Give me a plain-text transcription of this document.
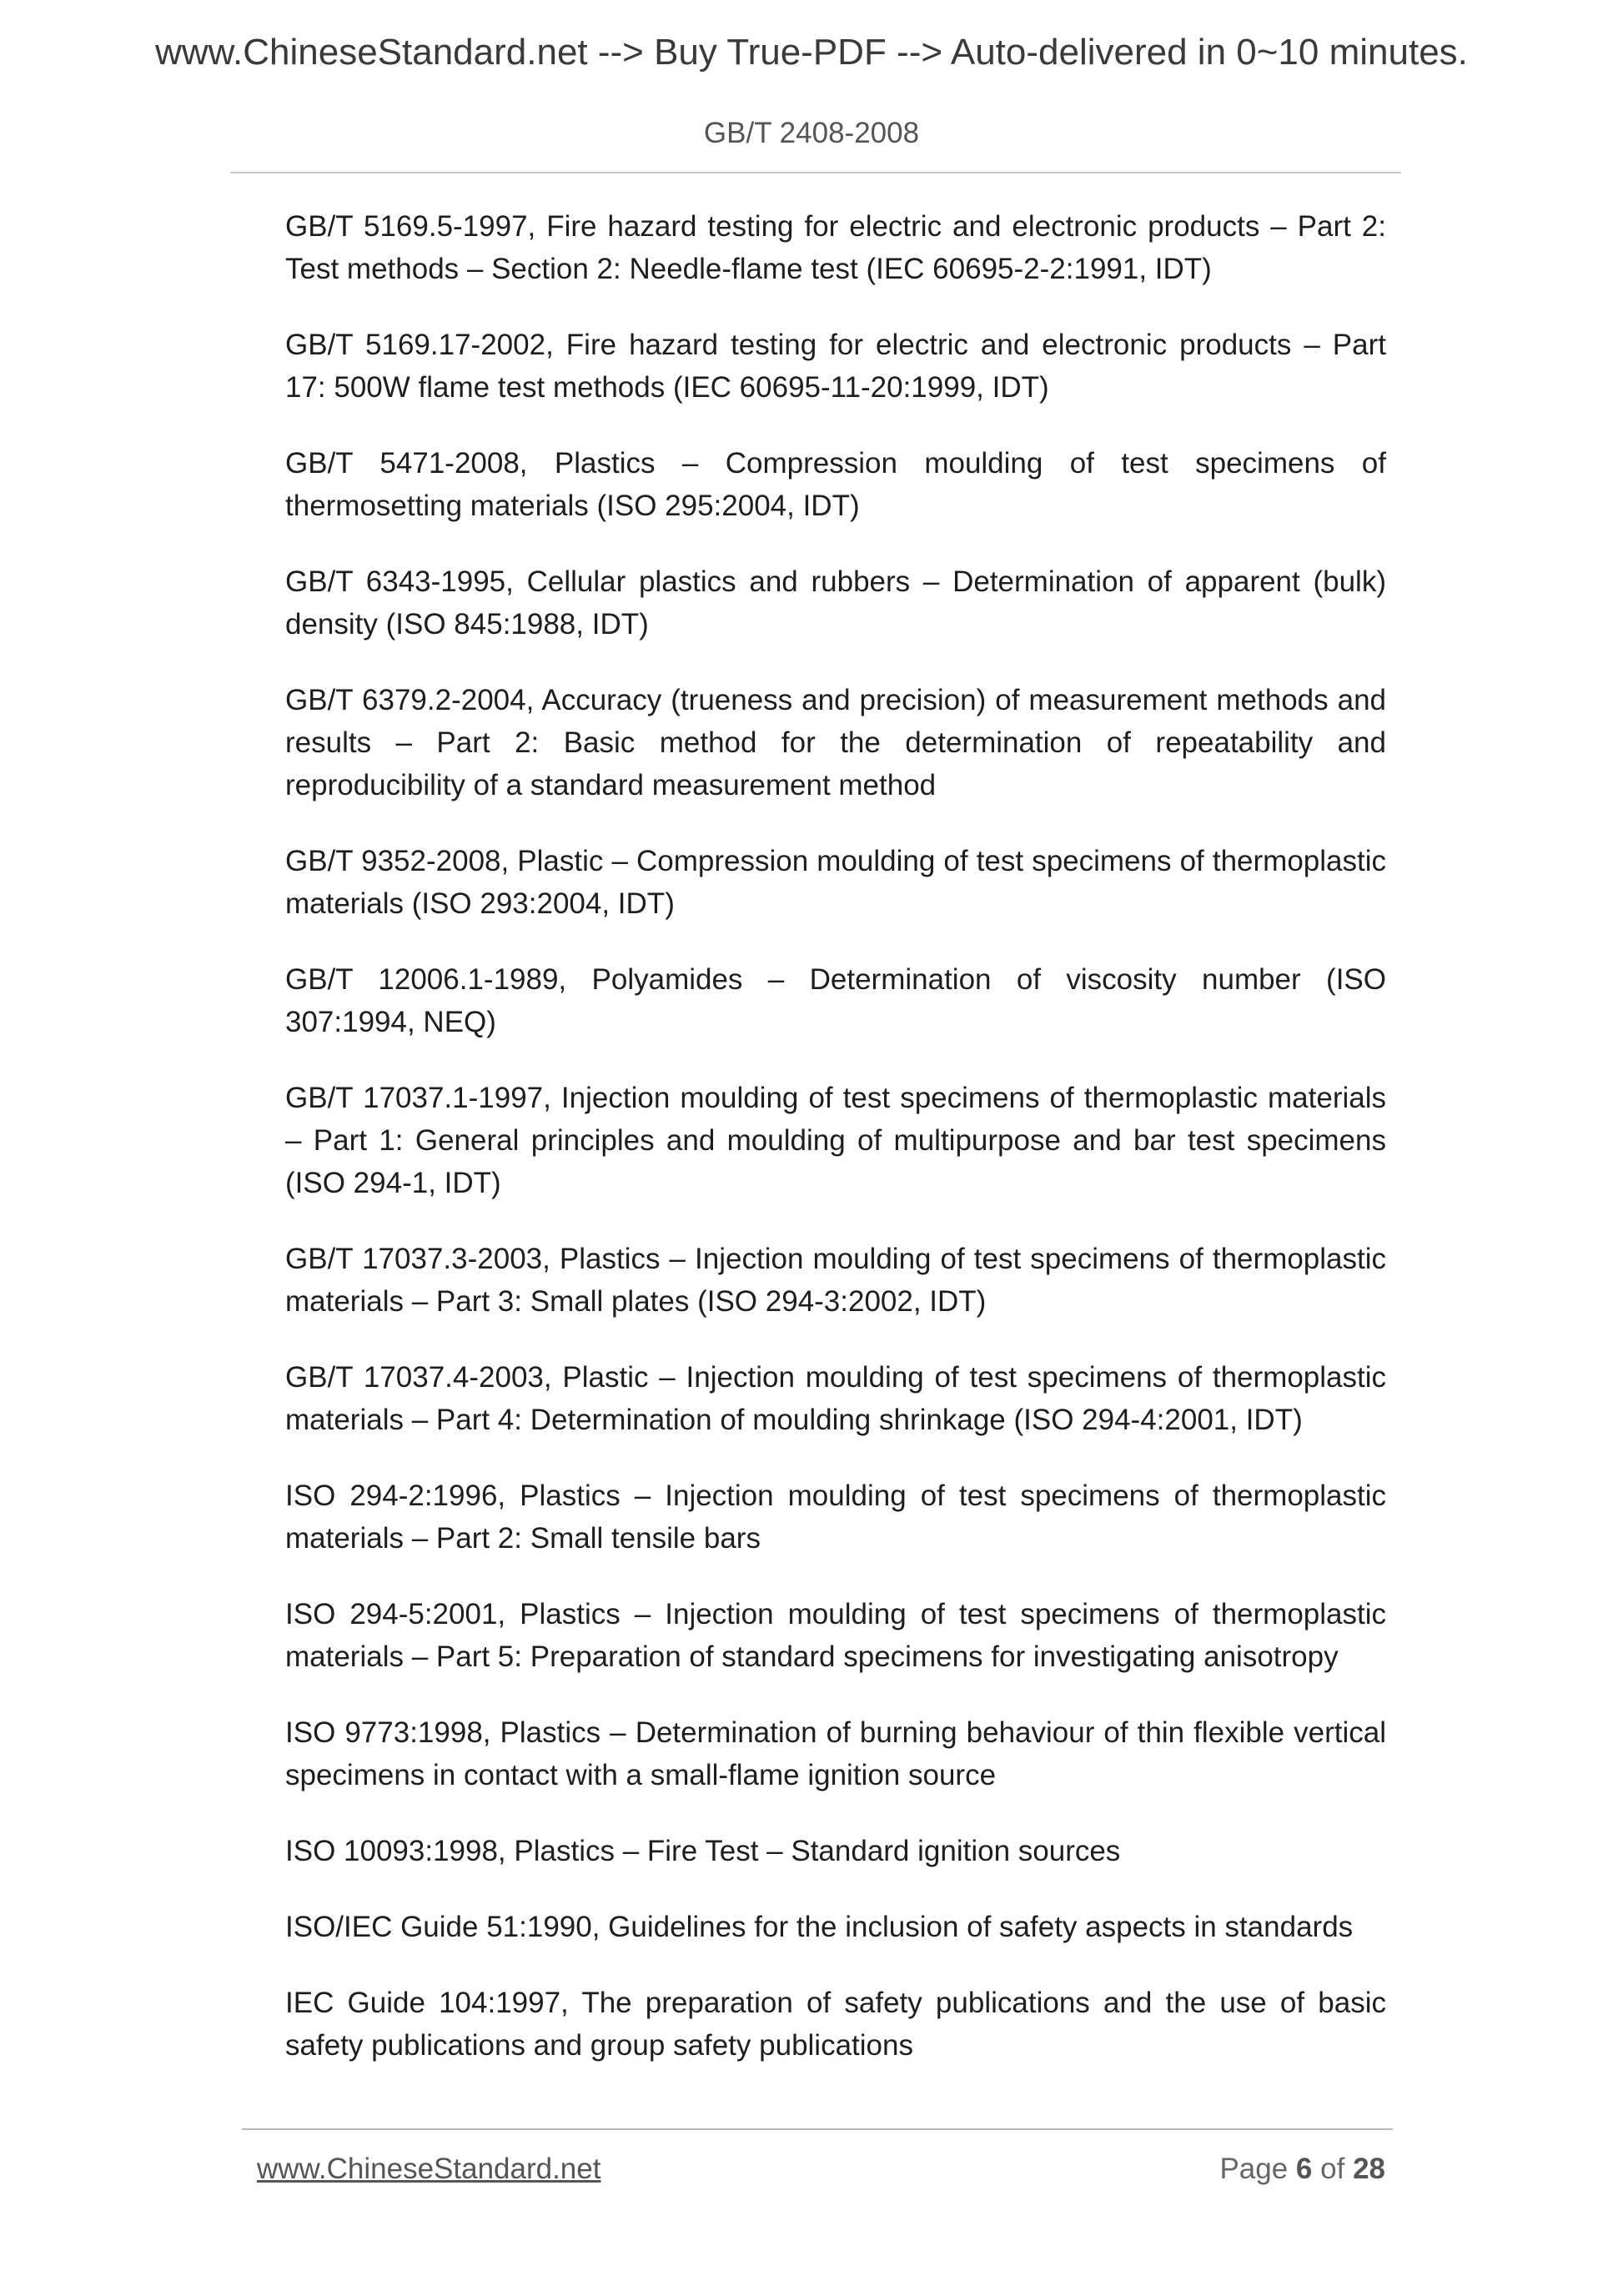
www.ChineseStandard.net --> Buy True-PDF --> Auto-delivered in 0~10 minutes.
GB/T 2408-2008
GB/T 5169.5-1997, Fire hazard testing for electric and electronic products – Part 2: Test methods – Section 2: Needle-flame test (IEC 60695-2-2:1991, IDT)
GB/T 5169.17-2002, Fire hazard testing for electric and electronic products – Part 17: 500W flame test methods (IEC 60695-11-20:1999, IDT)
GB/T 5471-2008, Plastics – Compression moulding of test specimens of thermosetting materials (ISO 295:2004, IDT)
GB/T 6343-1995, Cellular plastics and rubbers – Determination of apparent (bulk) density (ISO 845:1988, IDT)
GB/T 6379.2-2004, Accuracy (trueness and precision) of measurement methods and results – Part 2: Basic method for the determination of repeatability and reproducibility of a standard measurement method
GB/T 9352-2008, Plastic – Compression moulding of test specimens of thermoplastic materials (ISO 293:2004, IDT)
GB/T 12006.1-1989, Polyamides – Determination of viscosity number (ISO 307:1994, NEQ)
GB/T 17037.1-1997, Injection moulding of test specimens of thermoplastic materials – Part 1: General principles and moulding of multipurpose and bar test specimens (ISO 294-1, IDT)
GB/T 17037.3-2003, Plastics – Injection moulding of test specimens of thermoplastic materials – Part 3: Small plates (ISO 294-3:2002, IDT)
GB/T 17037.4-2003, Plastic – Injection moulding of test specimens of thermoplastic materials – Part 4: Determination of moulding shrinkage (ISO 294-4:2001, IDT)
ISO 294-2:1996, Plastics – Injection moulding of test specimens of thermoplastic materials – Part 2: Small tensile bars
ISO 294-5:2001, Plastics – Injection moulding of test specimens of thermoplastic materials – Part 5: Preparation of standard specimens for investigating anisotropy
ISO 9773:1998, Plastics – Determination of burning behaviour of thin flexible vertical specimens in contact with a small-flame ignition source
ISO 10093:1998, Plastics – Fire Test – Standard ignition sources
ISO/IEC Guide 51:1990, Guidelines for the inclusion of safety aspects in standards
IEC Guide 104:1997, The preparation of safety publications and the use of basic safety publications and group safety publications
www.ChineseStandard.net	Page 6 of 28
